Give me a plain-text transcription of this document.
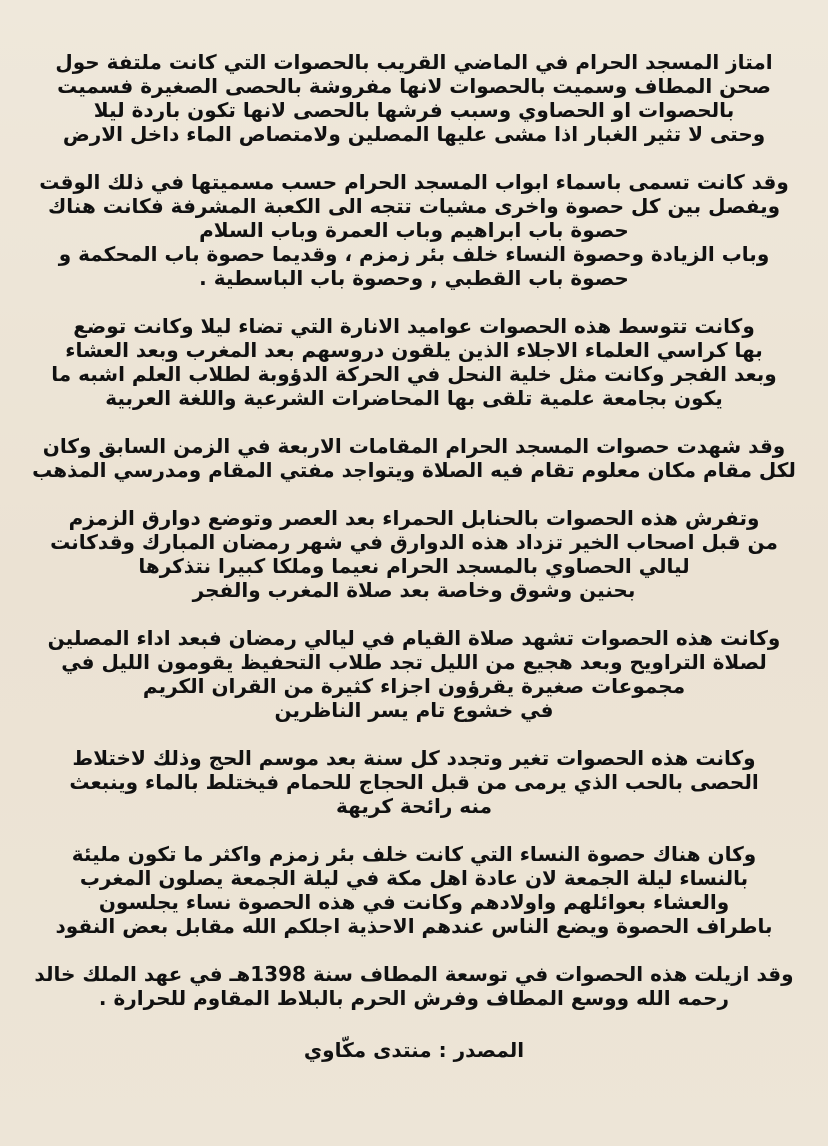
امتاز المسجد الحرام في الماضي القريب بالحصوات التي كانت ملتفة حول
صحن المطاف وسميت بالحصوات لانها مفروشة بالحصى الصغيرة فسميت
بالحصوات او الحصاوي وسبب فرشها بالحصى لانها تكون باردة ليلا
وحتى لا تثير الغبار اذا مشى عليها المصلين ولامتصاص الماء داخل الارض

وقد كانت تسمى باسماء ابواب المسجد الحرام حسب مسميتها في ذلك الوقت
ويفصل بين كل حصوة واخرى مشيات تتجه الى الكعبة المشرفة فكانت هناك
حصوة باب ابراهيم وباب العمرة وباب السلام
وباب الزيادة وحصوة النساء خلف بئر زمزم ، وقديما حصوة باب المحكمة و
حصوة باب القطبي , وحصوة باب الباسطية .

وكانت تتوسط هذه الحصوات عواميد الانارة التي تضاء ليلا وكانت توضع
بها كراسي العلماء الاجلاء الذين يلقون دروسهم بعد المغرب وبعد العشاء
وبعد الفجر وكانت مثل خلية النحل في الحركة الدؤوبة لطلاب العلم اشبه ما
يكون بجامعة علمية تلقى بها المحاضرات الشرعية واللغة العربية

وقد شهدت حصوات المسجد الحرام المقامات الاربعة في الزمن السابق وكان
لكل مقام مكان معلوم تقام فيه الصلاة ويتواجد مفتي المقام ومدرسي المذهب

وتفرش هذه الحصوات بالحنابل الحمراء بعد العصر وتوضع دوارق الزمزم
من قبل اصحاب الخير تزداد هذه الدوارق في شهر رمضان المبارك وقدكانت
ليالي الحصاوي بالمسجد الحرام نعيما وملكا كبيرا نتذكرها
بحنين وشوق وخاصة بعد صلاة المغرب والفجر

وكانت هذه الحصوات تشهد صلاة القيام في ليالي رمضان فبعد اداء المصلين
لصلاة التراويح وبعد هجيع من الليل تجد طلاب التحفيظ يقومون الليل في
مجموعات صغيرة يقرؤون اجزاء كثيرة من القران الكريم
في خشوع تام يسر الناظرين

وكانت هذه الحصوات تغير وتجدد كل سنة بعد موسم الحج وذلك لاختلاط
الحصى بالحب الذي يرمى من قبل الحجاج للحمام فيختلط بالماء وينبعث
منه رائحة كريهة

وكان هناك حصوة النساء التي كانت خلف بئر زمزم واكثر ما تكون مليئة
بالنساء ليلة الجمعة لان عادة اهل مكة في ليلة الجمعة يصلون المغرب
والعشاء بعوائلهم واولادهم وكانت في هذه الحصوة نساء يجلسون
باطراف الحصوة ويضع الناس عندهم الاحذية اجلكم الله مقابل بعض النقود

وقد ازيلت هذه الحصوات في توسعة المطاف سنة 1398هـ في عهد الملك خالد
رحمه الله ووسع المطاف وفرش الحرم بالبلاط المقاوم للحرارة .

المصدر : منتدى مكّاوي
